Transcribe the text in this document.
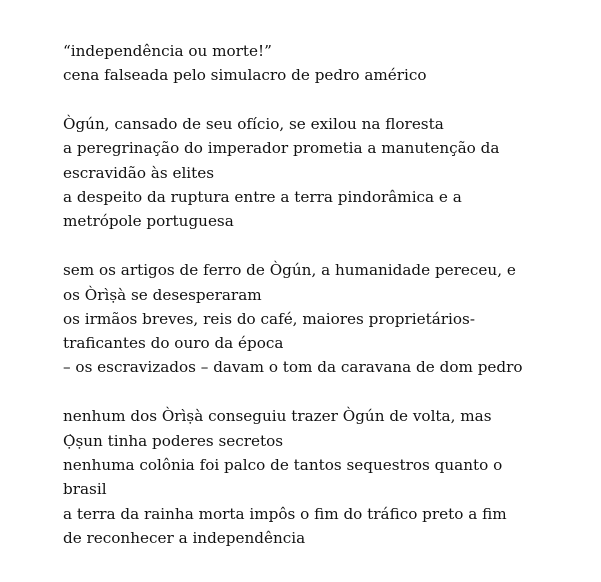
“independência ou morte!”
cena falseada pelo simulacro de pedro américo
Ògún, cansado de seu ofício, se exilou na floresta
a peregrinação do imperador prometia a manutenção da
escravidão às elites
a despeito da ruptura entre a terra pindorâmica e a
metrópole portuguesa
sem os artigos de ferro de Ògún, a humanidade pereceu, e
os Òrìṣà se desesperaram
os irmãos breves, reis do café, maiores proprietários-
traficantes do ouro da época
– os escravizados – davam o tom da caravana de dom pedro
nenhum dos Òrìṣà conseguiu trazer Ògún de volta, mas
Ọ̀ṣun tinha poderes secretos
nenhuma colônia foi palco de tantos sequestros quanto o
brasil
a terra da rainha morta impôs o fim do tráfico preto a fim
de reconhecer a independência
